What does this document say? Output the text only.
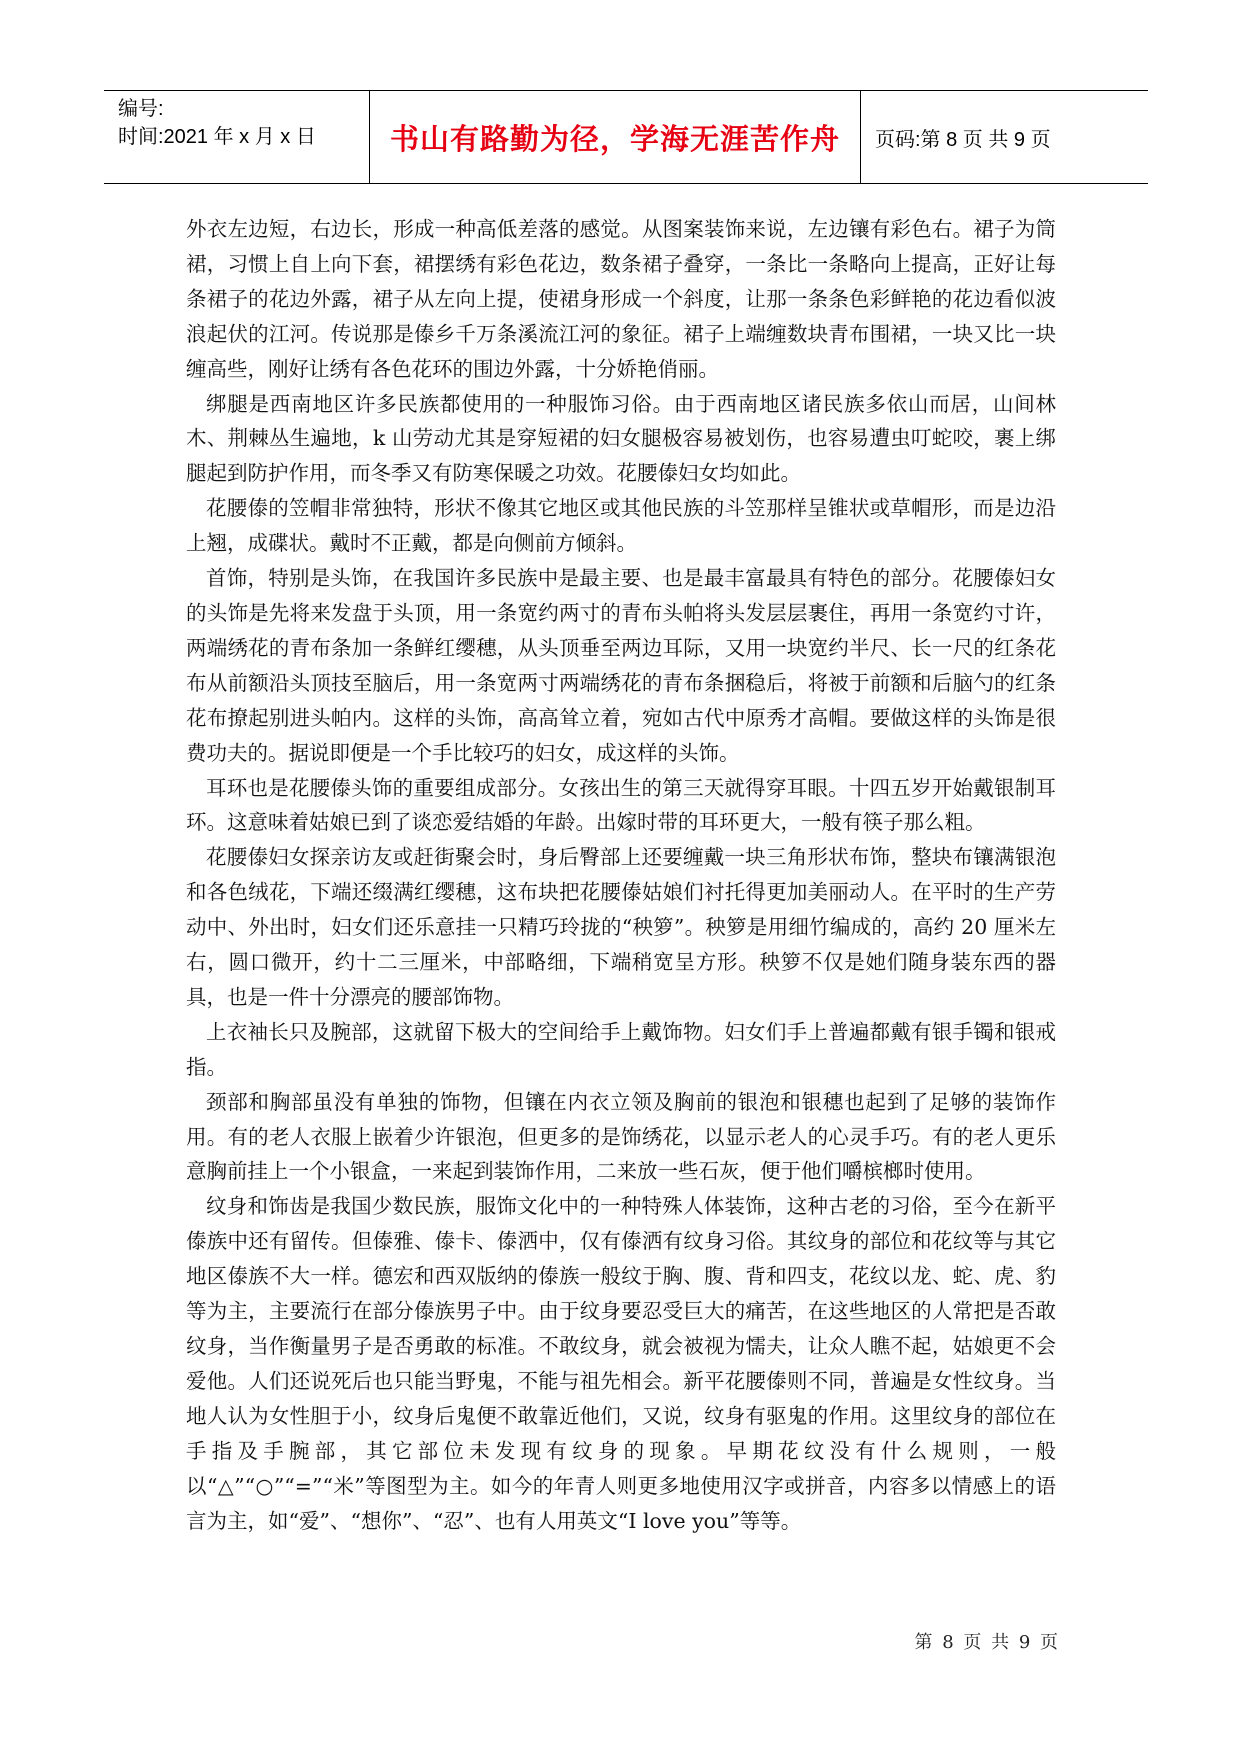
编号:
时间:2021 年 x 月 x 日	书山有路勤为径，学海无涯苦作舟	页码:第 8 页 共 9 页

外衣左边短，右边长，形成一种高低差落的感觉。从图案装饰来说，左边镶有彩色右。裙子为筒裙，习惯上自上向下套，裙摆绣有彩色花边，数条裙子叠穿，一条比一条略向上提高，正好让每条裙子的花边外露，裙子从左向上提，使裙身形成一个斜度，让那一条条色彩鲜艳的花边看似波浪起伏的江河。传说那是傣乡千万条溪流江河的象征。裙子上端缠数块青布围裙，一块又比一块缠高些，刚好让绣有各色花环的围边外露，十分娇艳俏丽。

绑腿是西南地区许多民族都使用的一种服饰习俗。由于西南地区诸民族多依山而居，山间林木、荆棘丛生遍地，k 山劳动尤其是穿短裙的妇女腿极容易被划伤，也容易遭虫叮蛇咬，裹上绑腿起到防护作用，而冬季又有防寒保暖之功效。花腰傣妇女均如此。

花腰傣的笠帽非常独特，形状不像其它地区或其他民族的斗笠那样呈锥状或草帽形，而是边沿上翘，成碟状。戴时不正戴，都是向侧前方倾斜。

首饰，特别是头饰，在我国许多民族中是最主要、也是最丰富最具有特色的部分。花腰傣妇女的头饰是先将来发盘于头顶，用一条宽约两寸的青布头帕将头发层层裹住，再用一条宽约寸许，两端绣花的青布条加一条鲜红缨穗，从头顶垂至两边耳际，又用一块宽约半尺、长一尺的红条花布从前额沿头顶技至脑后，用一条宽两寸两端绣花的青布条捆稳后，将被于前额和后脑勺的红条花布撩起别进头帕内。这样的头饰，高高耸立着，宛如古代中原秀才高帽。要做这样的头饰是很费功夫的。据说即便是一个手比较巧的妇女，成这样的头饰。

耳环也是花腰傣头饰的重要组成部分。女孩出生的第三天就得穿耳眼。十四五岁开始戴银制耳环。这意味着姑娘已到了谈恋爱结婚的年龄。出嫁时带的耳环更大，一般有筷子那么粗。

花腰傣妇女探亲访友或赶街聚会时，身后臀部上还要缠戴一块三角形状布饰，整块布镶满银泡和各色绒花，下端还缀满红缨穗，这布块把花腰傣姑娘们衬托得更加美丽动人。在平时的生产劳动中、外出时，妇女们还乐意挂一只精巧玲拢的“秧箩”。秧箩是用细竹编成的，高约 20 厘米左右，圆口微开，约十二三厘米，中部略细，下端稍宽呈方形。秧箩不仅是她们随身装东西的器具，也是一件十分漂亮的腰部饰物。

上衣袖长只及腕部，这就留下极大的空间给手上戴饰物。妇女们手上普遍都戴有银手镯和银戒指。

颈部和胸部虽没有单独的饰物，但镶在内衣立领及胸前的银泡和银穗也起到了足够的装饰作用。有的老人衣服上嵌着少许银泡，但更多的是饰绣花，以显示老人的心灵手巧。有的老人更乐意胸前挂上一个小银盒，一来起到装饰作用，二来放一些石灰，便于他们嚼槟榔时使用。

纹身和饰齿是我国少数民族，服饰文化中的一种特殊人体装饰，这种古老的习俗，至今在新平傣族中还有留传。但傣雅、傣卡、傣洒中，仅有傣洒有纹身习俗。其纹身的部位和花纹等与其它地区傣族不大一样。德宏和西双版纳的傣族一般纹于胸、腹、背和四支，花纹以龙、蛇、虎、豹等为主，主要流行在部分傣族男子中。由于纹身要忍受巨大的痛苦，在这些地区的人常把是否敢纹身，当作衡量男子是否勇敢的标准。不敢纹身，就会被视为懦夫，让众人瞧不起，姑娘更不会爱他。人们还说死后也只能当野鬼，不能与祖先相会。新平花腰傣则不同，普遍是女性纹身。当地人认为女性胆于小，纹身后鬼便不敢靠近他们，又说，纹身有驱鬼的作用。这里纹身的部位在手指及手腕部，其它部位未发现有纹身的现象。早期花纹没有什么规则，一般以“△”“○”“=”“米”等图型为主。如今的年青人则更多地使用汉字或拼音，内容多以情感上的语言为主，如“爱”、“想你”、“忍”、也有人用英文“I love you”等等。

第 8 页 共 9 页
